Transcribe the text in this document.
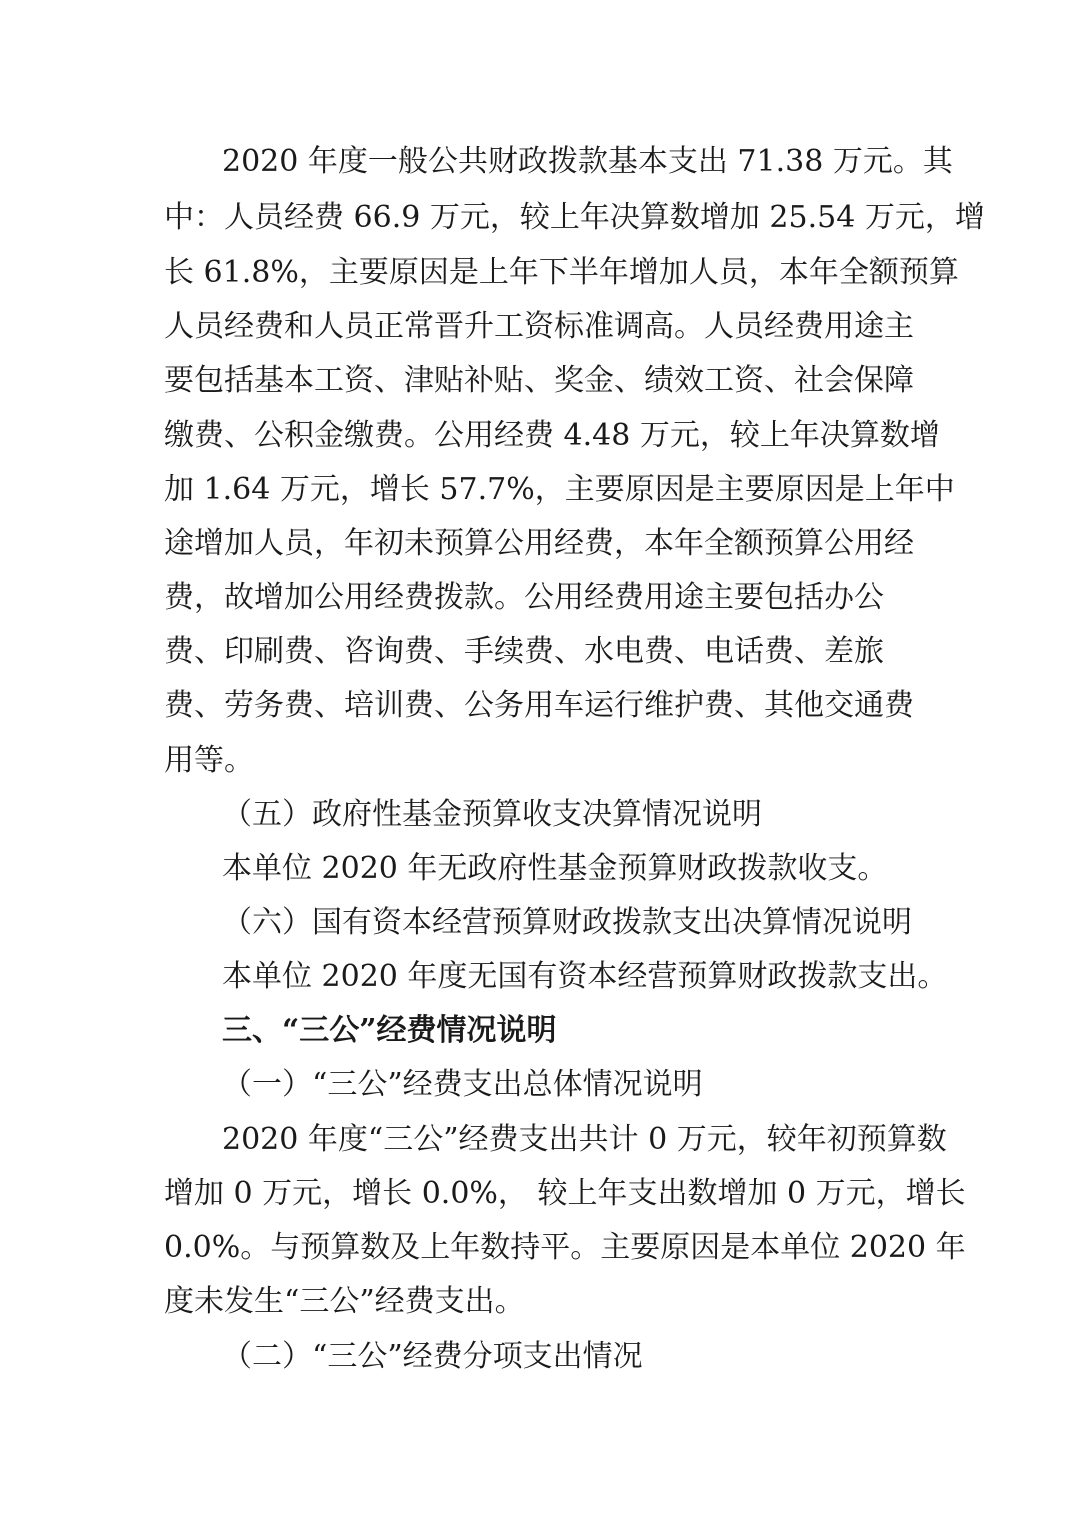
2020 年度一般公共财政拨款基本支出 71.38 万元。其

中：人员经费 66.9 万元，较上年决算数增加 25.54 万元，增

长 61.8%，主要原因是上年下半年增加人员，本年全额预算

人员经费和人员正常晋升工资标准调高。人员经费用途主

要包括基本工资、津贴补贴、奖金、绩效工资、社会保障

缴费、公积金缴费。公用经费 4.48 万元，较上年决算数增

加 1.64 万元，增长 57.7%，主要原因是主要原因是上年中

途增加人员，年初未预算公用经费，本年全额预算公用经

费，故增加公用经费拨款。公用经费用途主要包括办公

费、印刷费、咨询费、手续费、水电费、电话费、差旅

费、劳务费、培训费、公务用车运行维护费、其他交通费

用等。

（五）政府性基金预算收支决算情况说明

本单位 2020 年无政府性基金预算财政拨款收支。

（六）国有资本经营预算财政拨款支出决算情况说明

本单位 2020 年度无国有资本经营预算财政拨款支出。

三、“三公”经费情况说明

（一）“三公”经费支出总体情况说明

2020 年度“三公”经费支出共计 0 万元，较年初预算数

增加 0 万元，增长 0.0%， 较上年支出数增加 0 万元，增长

0.0%。与预算数及上年数持平。主要原因是本单位 2020 年

度未发生“三公”经费支出。

（二）“三公”经费分项支出情况
